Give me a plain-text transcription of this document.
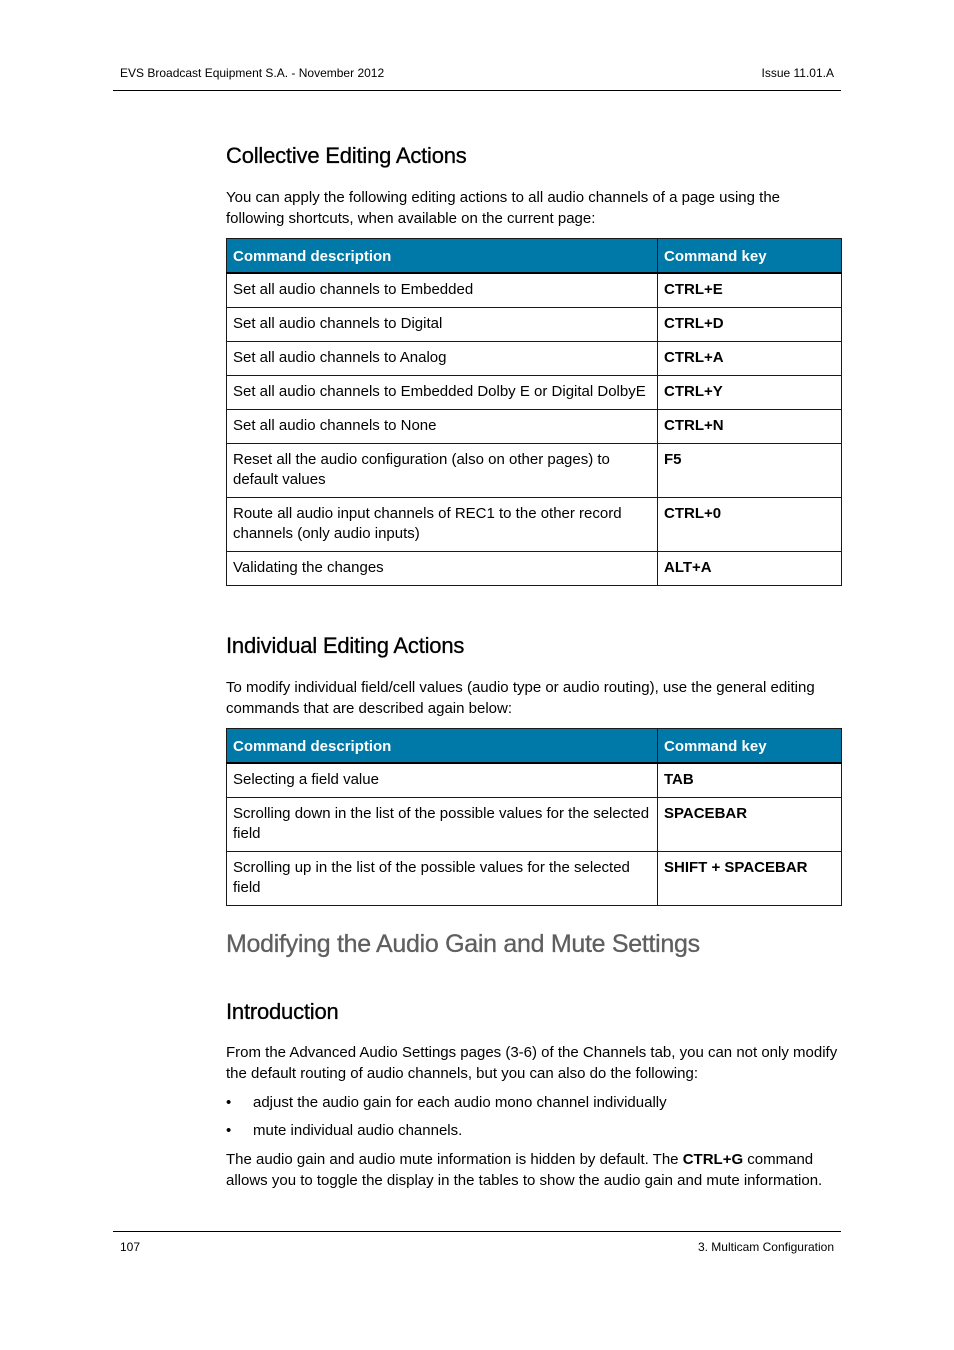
EVS Broadcast Equipment S.A. - November 2012	Issue 11.01.A
Collective Editing Actions

You can apply the following editing actions to all audio channels of a page using the following shortcuts, when available on the current page:

Command description	Command key
Set all audio channels to Embedded	CTRL+E
Set all audio channels to Digital	CTRL+D
Set all audio channels to Analog	CTRL+A
Set all audio channels to Embedded Dolby E or Digital DolbyE	CTRL+Y
Set all audio channels to None	CTRL+N
Reset all the audio configuration (also on other pages) to default values	F5
Route all audio input channels of REC1 to the other record channels (only audio inputs)	CTRL+0
Validating the changes	ALT+A
Individual Editing Actions

To modify individual field/cell values (audio type or audio routing), use the general editing commands that are described again below:

Command description	Command key
Selecting a field value	TAB
Scrolling down in the list of the possible values for the selected field	SPACEBAR
Scrolling up in the list of the possible values for the selected field	SHIFT + SPACEBAR
Modifying the Audio Gain and Mute Settings
Introduction

From the Advanced Audio Settings pages (3-6) of the Channels tab, you can not only modify the default routing of audio channels, but you can also do the following:

• adjust the audio gain for each audio mono channel individually
• mute individual audio channels.

The audio gain and audio mute information is hidden by default. The CTRL+G command allows you to toggle the display in the tables to show the audio gain and mute information.

107	3. Multicam Configuration
